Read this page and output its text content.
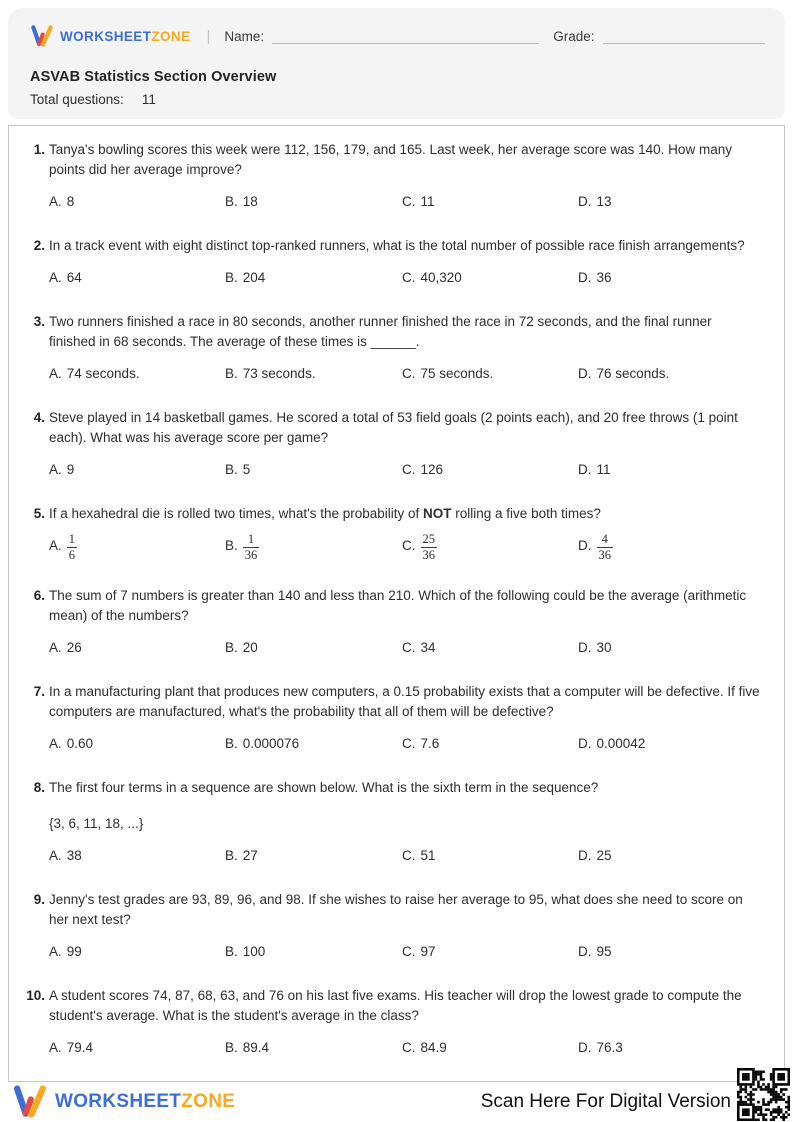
WORKSHEETZONE | Name:	Grade:
ASVAB Statistics Section Overview
Total questions: 11
1. Tanya's bowling scores this week were 112, 156, 179, and 165. Last week, her average score was 140. How many points did her average improve?
A. 8	B. 18	C. 11	D. 13
2. In a track event with eight distinct top-ranked runners, what is the total number of possible race finish arrangements?
A. 64	B. 204	C. 40,320	D. 36
3. Two runners finished a race in 80 seconds, another runner finished the race in 72 seconds, and the final runner finished in 68 seconds. The average of these times is ______.
A. 74 seconds.	B. 73 seconds.	C. 75 seconds.	D. 76 seconds.
4. Steve played in 14 basketball games. He scored a total of 53 field goals (2 points each), and 20 free throws (1 point each). What was his average score per game?
A. 9	B. 5	C. 126	D. 11
5. If a hexahedral die is rolled two times, what's the probability of NOT rolling a five both times?
A. $\frac{1}{6}$	B. $\frac{1}{36}$	C. $\frac{25}{36}$	D. $\frac{4}{36}$
6. The sum of 7 numbers is greater than 140 and less than 210. Which of the following could be the average (arithmetic mean) of the numbers?
A. 26	B. 20	C. 34	D. 30
7. In a manufacturing plant that produces new computers, a 0.15 probability exists that a computer will be defective. If five computers are manufactured, what's the probability that all of them will be defective?
A. 0.60	B. 0.000076	C. 7.6	D. 0.00042
8. The first four terms in a sequence are shown below. What is the sixth term in the sequence?
{3, 6, 11, 18, ...}
A. 38	B. 27	C. 51	D. 25
9. Jenny's test grades are 93, 89, 96, and 98. If she wishes to raise her average to 95, what does she need to score on her next test?
A. 99	B. 100	C. 97	D. 95
10. A student scores 74, 87, 68, 63, and 76 on his last five exams. His teacher will drop the lowest grade to compute the student's average. What is the student's average in the class?
A. 79.4	B. 89.4	C. 84.9	D. 76.3
WORKSHEETZONE	Scan Here For Digital Version
